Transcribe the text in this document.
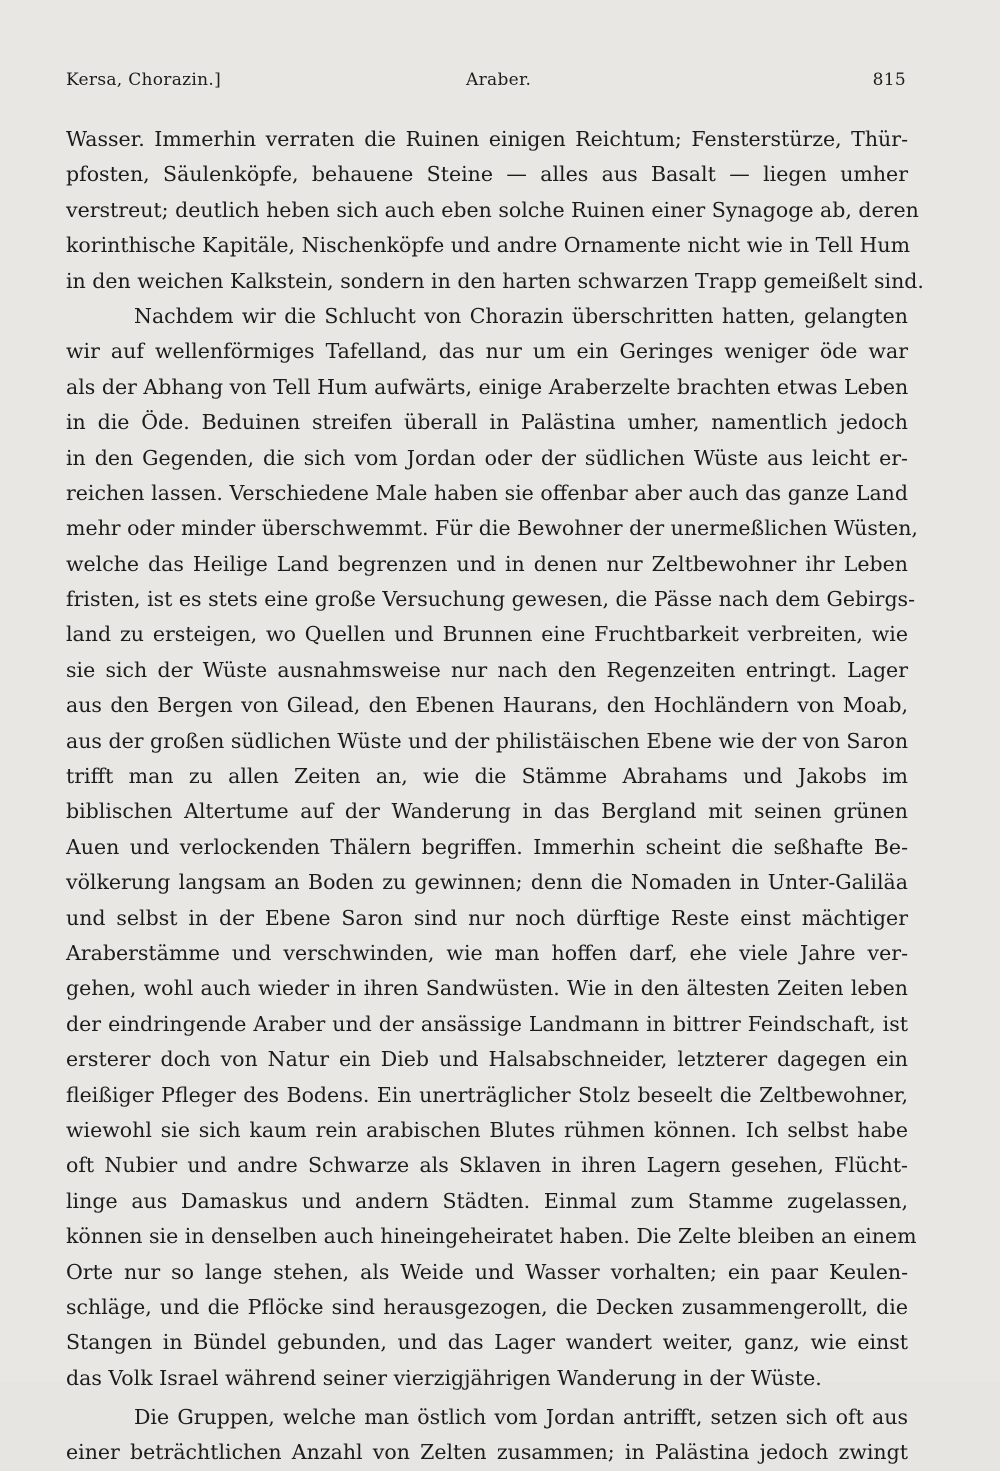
Kersa, Chorazin.]	Araber.	815
Wasser. Immerhin verraten die Ruinen einigen Reichtum; Fensterstürze, Thür-
pfosten, Säulenköpfe, behauene Steine — alles aus Basalt — liegen umher
verstreut; deutlich heben sich auch eben solche Ruinen einer Synagoge ab, deren
korinthische Kapitäle, Nischenköpfe und andre Ornamente nicht wie in Tell Hum
in den weichen Kalkstein, sondern in den harten schwarzen Trapp gemeißelt sind.
Nachdem wir die Schlucht von Chorazin überschritten hatten, gelangten
wir auf wellenförmiges Tafelland, das nur um ein Geringes weniger öde war
als der Abhang von Tell Hum aufwärts, einige Araberzelte brachten etwas Leben
in die Öde. Beduinen streifen überall in Palästina umher, namentlich jedoch
in den Gegenden, die sich vom Jordan oder der südlichen Wüste aus leicht er-
reichen lassen. Verschiedene Male haben sie offenbar aber auch das ganze Land
mehr oder minder überschwemmt. Für die Bewohner der unermeßlichen Wüsten,
welche das Heilige Land begrenzen und in denen nur Zeltbewohner ihr Leben
fristen, ist es stets eine große Versuchung gewesen, die Pässe nach dem Gebirgs-
land zu ersteigen, wo Quellen und Brunnen eine Fruchtbarkeit verbreiten, wie
sie sich der Wüste ausnahmsweise nur nach den Regenzeiten entringt. Lager
aus den Bergen von Gilead, den Ebenen Haurans, den Hochländern von Moab,
aus der großen südlichen Wüste und der philistäischen Ebene wie der von Saron
trifft man zu allen Zeiten an, wie die Stämme Abrahams und Jakobs im
biblischen Altertume auf der Wanderung in das Bergland mit seinen grünen
Auen und verlockenden Thälern begriffen. Immerhin scheint die seßhafte Be-
völkerung langsam an Boden zu gewinnen; denn die Nomaden in Unter-Galiläa
und selbst in der Ebene Saron sind nur noch dürftige Reste einst mächtiger
Araberstämme und verschwinden, wie man hoffen darf, ehe viele Jahre ver-
gehen, wohl auch wieder in ihren Sandwüsten. Wie in den ältesten Zeiten leben
der eindringende Araber und der ansässige Landmann in bittrer Feindschaft, ist
ersterer doch von Natur ein Dieb und Halsabschneider, letzterer dagegen ein
fleißiger Pfleger des Bodens. Ein unerträglicher Stolz beseelt die Zeltbewohner,
wiewohl sie sich kaum rein arabischen Blutes rühmen können. Ich selbst habe
oft Nubier und andre Schwarze als Sklaven in ihren Lagern gesehen, Flücht-
linge aus Damaskus und andern Städten. Einmal zum Stamme zugelassen,
können sie in denselben auch hineingeheiratet haben. Die Zelte bleiben an einem
Orte nur so lange stehen, als Weide und Wasser vorhalten; ein paar Keulen-
schläge, und die Pflöcke sind herausgezogen, die Decken zusammengerollt, die
Stangen in Bündel gebunden, und das Lager wandert weiter, ganz, wie einst
das Volk Israel während seiner vierzigjährigen Wanderung in der Wüste.
Die Gruppen, welche man östlich vom Jordan antrifft, setzen sich oft aus
einer beträchtlichen Anzahl von Zelten zusammen; in Palästina jedoch zwingt
